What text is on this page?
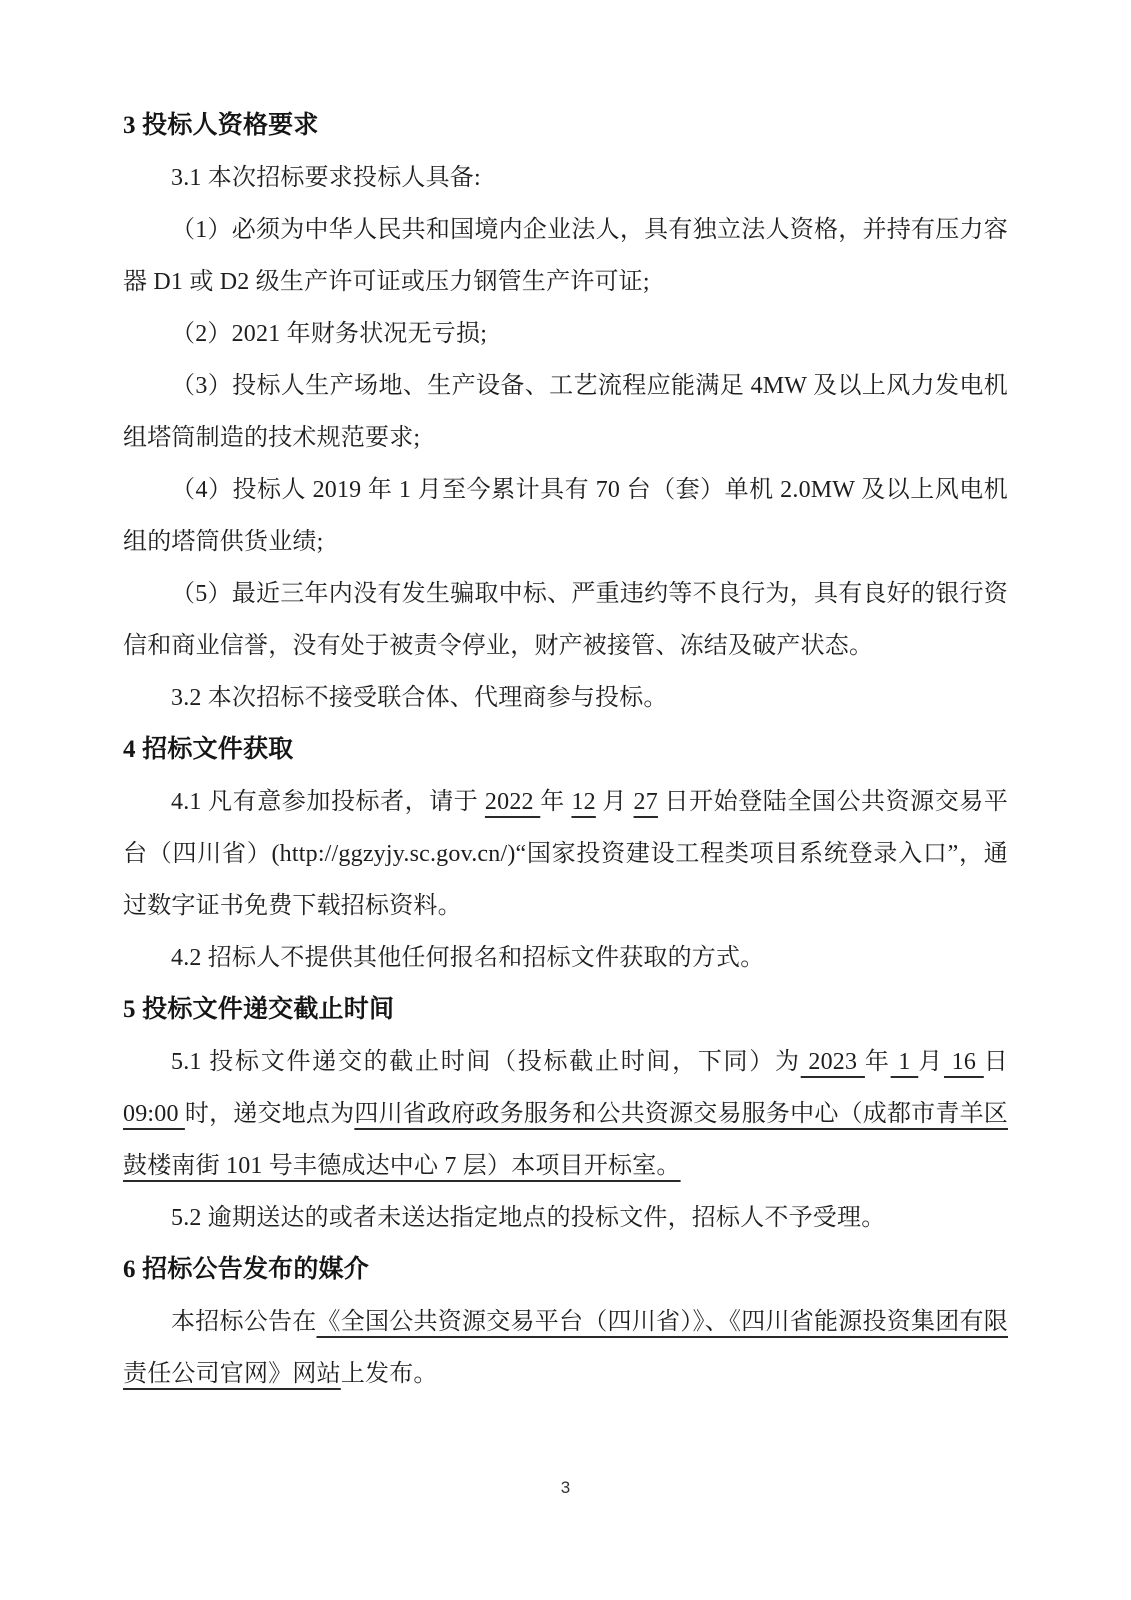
3 投标人资格要求
3.1 本次招标要求投标人具备:
（1）必须为中华人民共和国境内企业法人，具有独立法人资格，并持有压力容器 D1 或 D2 级生产许可证或压力钢管生产许可证;
（2）2021 年财务状况无亏损;
（3）投标人生产场地、生产设备、工艺流程应能满足 4MW 及以上风力发电机组塔筒制造的技术规范要求;
（4）投标人 2019 年 1 月至今累计具有 70 台（套）单机 2.0MW 及以上风电机组的塔筒供货业绩;
（5）最近三年内没有发生骗取中标、严重违约等不良行为，具有良好的银行资信和商业信誉，没有处于被责令停业，财产被接管、冻结及破产状态。
3.2 本次招标不接受联合体、代理商参与投标。
4 招标文件获取
4.1 凡有意参加投标者，请于 2022 年 12 月 27 日开始登陆全国公共资源交易平台（四川省）(http://ggzyjy.sc.gov.cn/)“国家投资建设工程类项目系统登录入口”，通过数字证书免费下载招标资料。
4.2 招标人不提供其他任何报名和招标文件获取的方式。
5 投标文件递交截止时间
5.1 投标文件递交的截止时间（投标截止时间，下同）为 2023 年 1 月 16 日 09:00 时，递交地点为四川省政府政务服务和公共资源交易服务中心（成都市青羊区鼓楼南街 101 号丰德成达中心 7 层）本项目开标室。
5.2 逾期送达的或者未送达指定地点的投标文件，招标人不予受理。
6 招标公告发布的媒介
本招标公告在《全国公共资源交易平台（四川省）》、《四川省能源投资集团有限责任公司官网》网站上发布。
3
